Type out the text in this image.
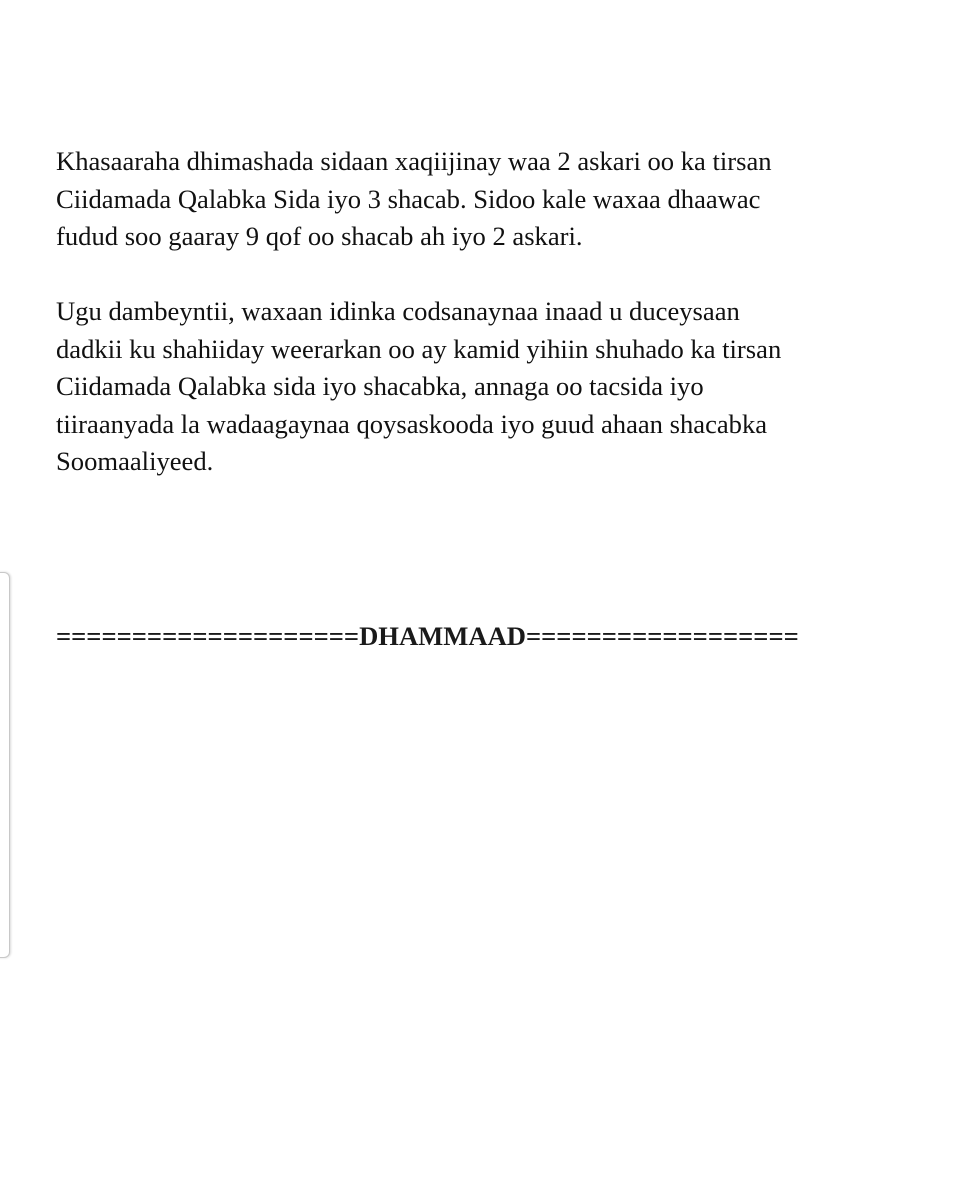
Khasaaraha dhimashada sidaan xaqiijinay waa 2 askari oo ka tirsan
Ciidamada Qalabka Sida iyo 3 shacab. Sidoo kale waxaa dhaawac
fudud soo gaaray 9 qof oo shacab ah iyo 2 askari.

Ugu dambeyntii, waxaan idinka codsanaynaa inaad u duceysaan
dadkii ku shahiiday weerarkan oo ay kamid yihiin shuhado ka tirsan
Ciidamada Qalabka sida iyo shacabka, annaga oo tacsida iyo
tiiraanyada la wadaagaynaa qoysaskooda iyo guud ahaan shacabka
Soomaaliyeed.

====================DHAMMAAD==================
